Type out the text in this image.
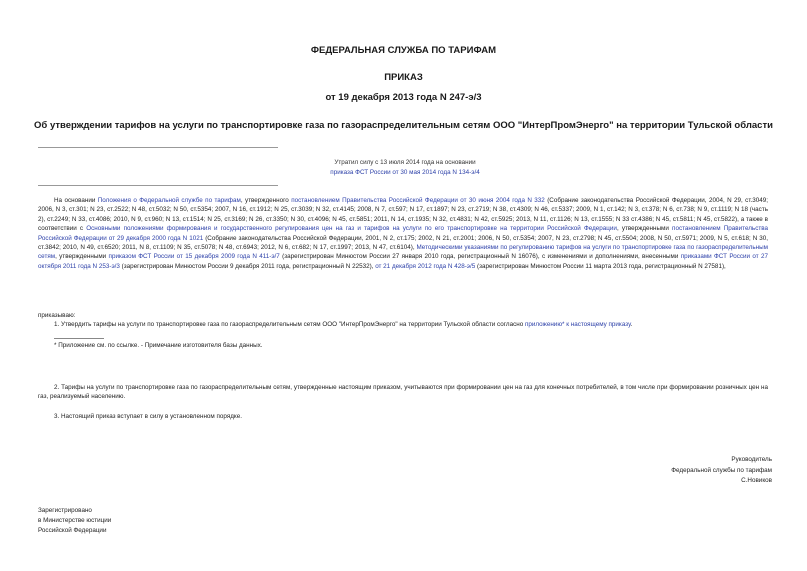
ФЕДЕРАЛЬНАЯ СЛУЖБА ПО ТАРИФАМ
ПРИКАЗ
от 19 декабря 2013 года N 247-э/3
Об утверждении тарифов на услуги по транспортировке газа по газораспределительным сетям ООО "ИнтерПромЭнерго" на территории Тульской области
Утратил силу с 13 июля 2014 года на основании
приказа ФСТ России от 30 мая 2014 года N 134-э/4
На основании Положения о Федеральной службе по тарифам, утвержденного постановлением Правительства Российской Федерации от 30 июня 2004 года N 332 (Собрание законодательства Российской Федерации, 2004, N 29, ст.3049; 2006, N 3, ст.301; N 23, ст.2522; N 48, ст.5032; N 50, ст.5354; 2007, N 16, ст.1912; N 25, ст.3039; N 32, ст.4145; 2008, N 7, ст.597; N 17, ст.1897; N 23, ст.2719; N 38, ст.4309; N 46, ст.5337; 2009, N 1, ст.142; N 3, ст.378; N 6, ст.738; N 9, ст.1119; N 18 (часть 2), ст.2249; N 33, ст.4086; 2010, N 9, ст.960; N 13, ст.1514; N 25, ст.3169; N 26, ст.3350; N 30, ст.4096; N 45, ст.5851; 2011, N 14, ст.1935; N 32, ст.4831; N 42, ст.5925; 2013, N 11, ст.1126; N 13, ст.1555; N 33 ст.4386; N 45, ст.5811; N 45, ст.5822), а также в соответствии с Основными положениями формирования и государственного регулирования цен на газ и тарифов на услуги по его транспортировке на территории Российской Федерации, утвержденными постановлением Правительства Российской Федерации от 29 декабря 2000 года N 1021 (Собрание законодательства Российской Федерации, 2001, N 2, ст.175; 2002, N 21, ст.2001; 2006, N 50, ст.5354; 2007, N 23, ст.2798; N 45, ст.5504; 2008, N 50, ст.5971; 2009, N 5, ст.618; N 30, ст.3842; 2010, N 49, ст.6520; 2011, N 8, ст.1109; N 35, ст.5078; N 48, ст.6943; 2012, N 6, ст.682; N 17, ст.1997; 2013, N 47, ст.6104), Методическими указаниями по регулированию тарифов на услуги по транспортировке газа по газораспределительным сетям, утвержденными приказом ФСТ России от 15 декабря 2009 года N 411-э/7 (зарегистрирован Минюстом России 27 января 2010 года, регистрационный N 16076), с изменениями и дополнениями, внесенными приказами ФСТ России от 27 октября 2011 года N 253-э/3 (зарегистрирован Минюстом России 9 декабря 2011 года, регистрационный N 22532), от 21 декабря 2012 года N 428-э/5 (зарегистрирован Минюстом России 11 марта 2013 года, регистрационный N 27581),
приказываю:
1. Утвердить тарифы на услуги по транспортировке газа по газораспределительным сетям ООО "ИнтерПромЭнерго" на территории Тульской области согласно приложению* к настоящему приказу.
* Приложение см. по ссылке. - Примечание изготовителя базы данных.
2. Тарифы на услуги по транспортировке газа по газораспределительным сетям, утвержденные настоящим приказом, учитываются при формировании цен на газ для конечных потребителей, в том числе при формировании розничных цен на газ, реализуемый населению.
3. Настоящий приказ вступает в силу в установленном порядке.
Руководитель
Федеральной службы по тарифам
С.Новиков
Зарегистрировано
в Министерстве юстиции
Российской Федерации
